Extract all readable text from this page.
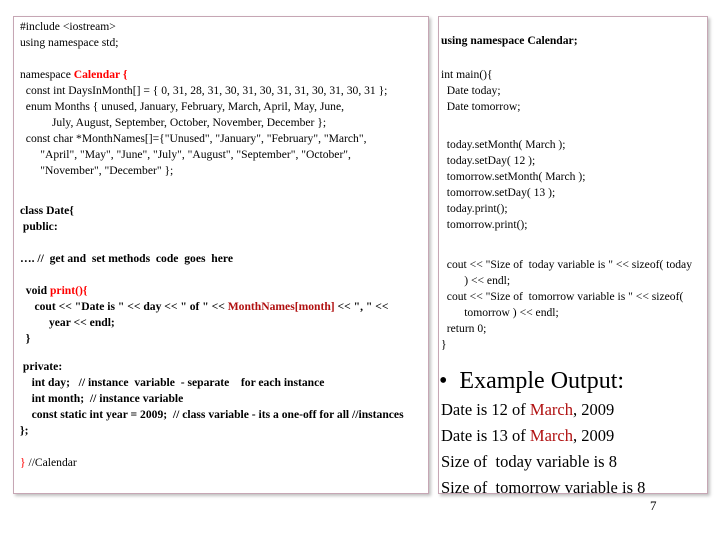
#include <iostream>
using namespace std;
namespace Calendar {
const int DaysInMonth[] = { 0, 31, 28, 31, 30, 31, 30, 31, 31, 30, 31, 30, 31 };
enum Months { unused, January, February, March, April, May, June,
July, August, September, October, November, December };
const char *MonthNames[]={"Unused", "January", "February", "March",
"April", "May", "June", "July", "August", "September", "October",
"November", "December" };
class Date{
public:
…. //  get and  set methods  code  goes  here
void print(){
cout << "Date is " << day << " of " << MonthNames[month] << ", " <<
year << endl;
}
private:
int day;   // instance  variable  - separate    for each instance
int month;  // instance variable
const static int year = 2009;  // class variable - its a one-off for all //instances
};
} //Calendar
using namespace Calendar;
int main(){
Date today;
Date tomorrow;
today.setMonth( March );
today.setDay( 12 );
tomorrow.setMonth( March );
tomorrow.setDay( 13 );
today.print();
tomorrow.print();
cout << "Size of  today variable is " << sizeof( today
) << endl;
cout << "Size of  tomorrow variable is " << sizeof(
tomorrow ) << endl;
return 0;
}
• Example Output:
Date is 12 of March, 2009
Date is 13 of March, 2009
Size of  today variable is 8
Size of  tomorrow variable is 8
7
